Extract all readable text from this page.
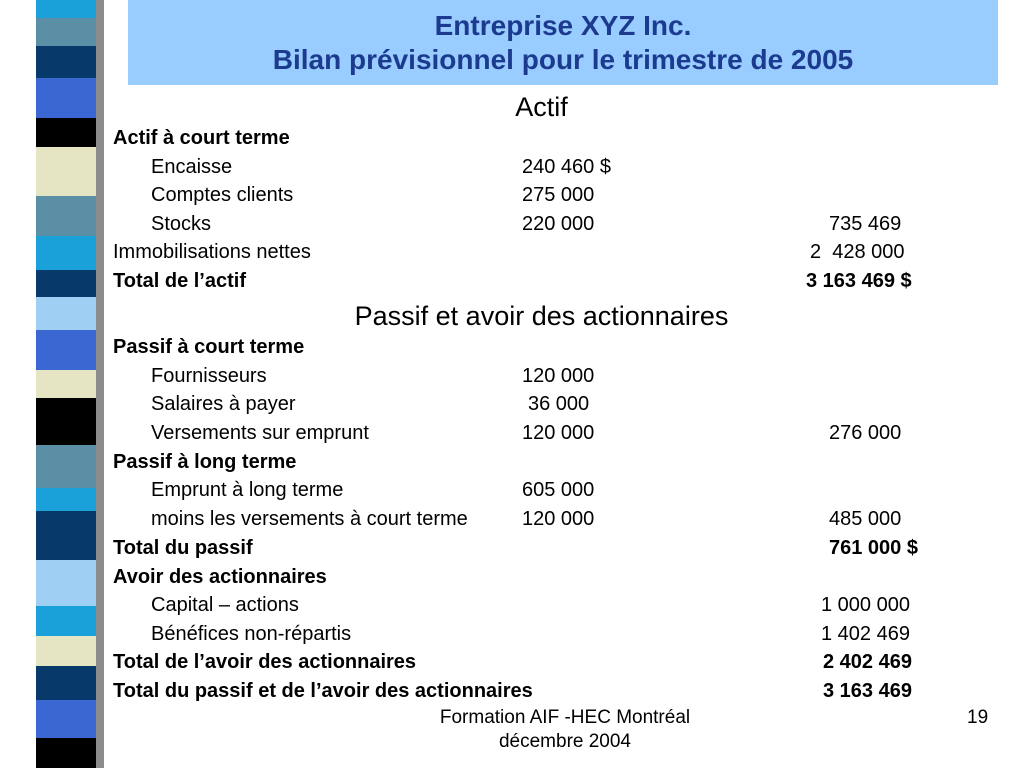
Entreprise XYZ Inc.
Bilan prévisionnel pour le trimestre de 2005
Actif
Actif à court terme
Encaisse	240 460 $
Comptes clients	275 000
Stocks	220 000	735 469
Immobilisations nettes	2  428 000
Total de l’actif	3 163 469 $
Passif et avoir des actionnaires
Passif à court terme
Fournisseurs	120 000
Salaires à payer	36 000
Versements sur emprunt	120 000	276 000
Passif à long terme
Emprunt à long terme	605 000
moins les versements à court terme	120 000	485 000
Total du passif	761 000 $
Avoir des actionnaires
Capital – actions	1 000 000
Bénéfices non-répartis	1 402 469
Total de l’avoir des actionnaires	2 402 469
Total du passif et de l’avoir des actionnaires	3 163 469
Formation AIF -HEC Montréal
décembre 2004
19
